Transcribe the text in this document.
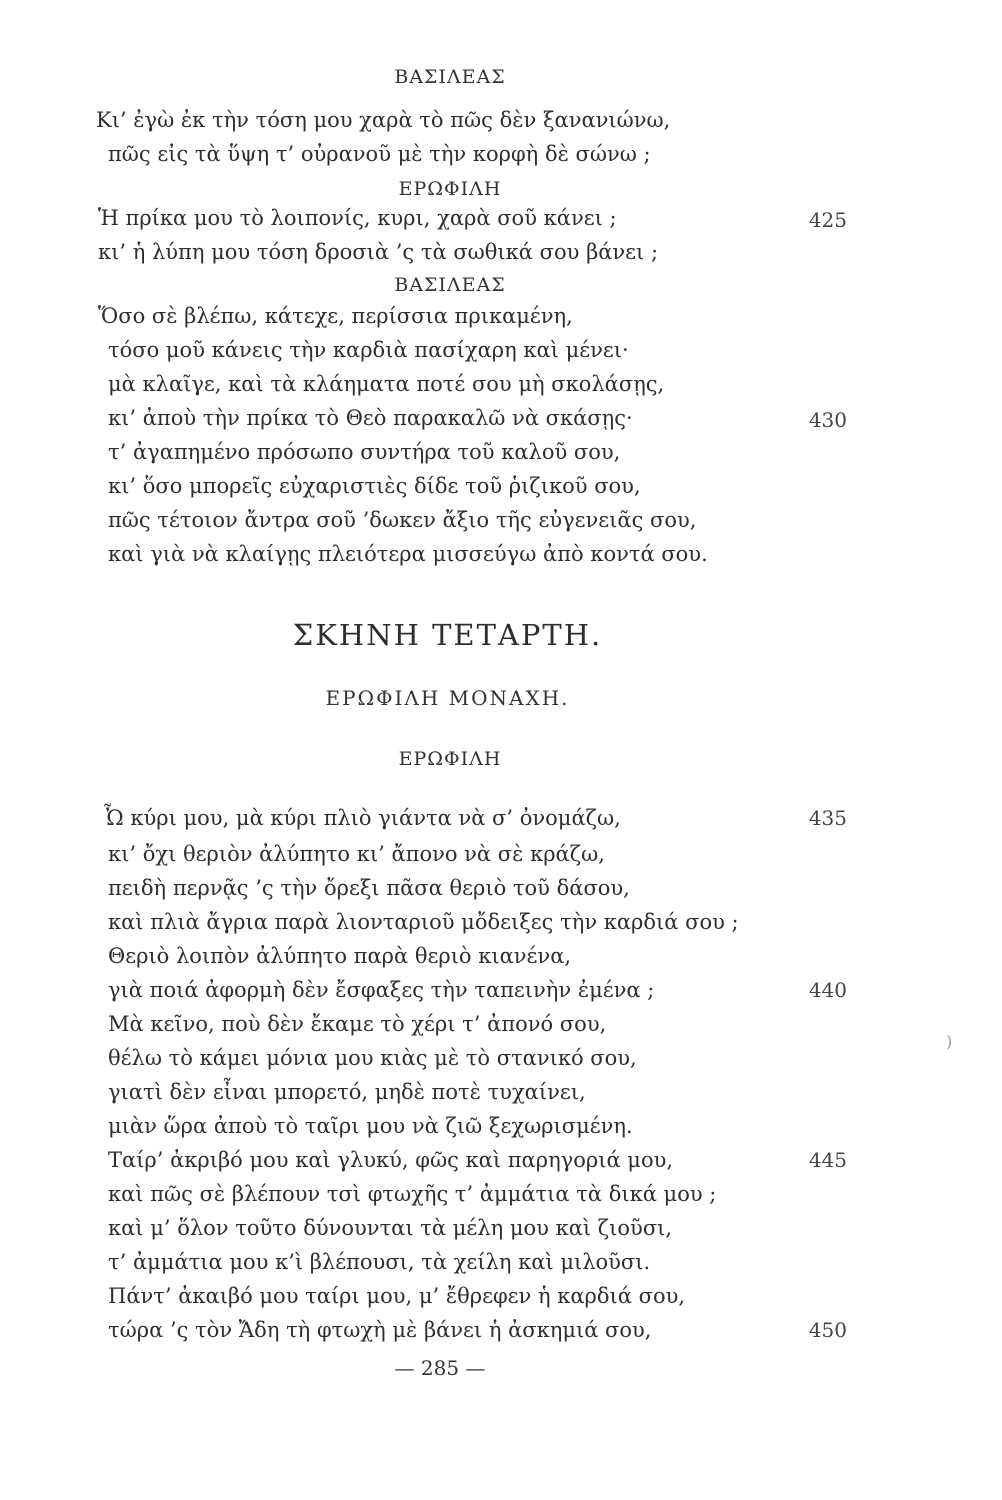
ΒΑΣΙΛΕΑΣ
Κι’ ἐγὼ ἐκ τὴν τόση μου χαρὰ τὸ πῶς δὲν ξανανιώνω,
πῶς εἰς τὰ ὕψη τ’ οὐρανοῦ μὲ τὴν κορφὴ δὲ σώνω ;
ΕΡΩΦΙΛΗ
Ἡ πρίκα μου τὸ λοιπονίς, κυρι, χαρὰ σοῦ κάνει ;	425
κι’ ἡ λύπη μου τόση δροσιὰ ’ς τὰ σωθικά σου βάνει ;
ΒΑΣΙΛΕΑΣ
Ὅσο σὲ βλέπω, κάτεχε, περίσσια πρικαμένη,
τόσο μοῦ κάνεις τὴν καρδιὰ πασίχαρη καὶ μένει·
μὰ κλαῖγε, καὶ τὰ κλάηματα ποτέ σου μὴ σκολάσῃς,
κι’ ἀποὺ τὴν πρίκα τὸ Θεὸ παρακαλῶ νὰ σκάσῃς·	430
τ’ ἀγαπημένο πρόσωπο συντήρα τοῦ καλοῦ σου,
κι’ ὅσο μπορεῖς εὐχαριστιὲς δίδε τοῦ ῥιζικοῦ σου,
πῶς τέτοιον ἄντρα σοῦ ’δωκεν ἄξιο τῆς εὐγενειᾶς σου,
καὶ γιὰ νὰ κλαίγῃς πλειότερα μισσεύγω ἀπὸ κοντά σου.
ΣΚΗΝΗ ΤΕΤΑΡΤΗ.
ΕΡΩΦΙΛΗ ΜΟΝΑΧΗ.
ΕΡΩΦΙΛΗ
Ὦ κύρι μου, μὰ κύρι πλιὸ γιάντα νὰ σ’ ὀνομάζω,	435
κι’ ὄχι θεριὸν ἀλύπητο κι’ ἄπονο νὰ σὲ κράζω,
πειδὴ περνᾷς ’ς τὴν ὄρεξι πᾶσα θεριὸ τοῦ δάσου,
καὶ πλιὰ ἄγρια παρὰ λιονταριοῦ μὄδειξες τὴν καρδιά σου ;
Θεριὸ λοιπὸν ἀλύπητο παρὰ θεριὸ κιανένα,
γιὰ ποιά ἀφορμὴ δὲν ἔσφαξες τὴν ταπεινὴν ἐμένα ;	440
Μὰ κεῖνο, ποὺ δὲν ἔκαμε τὸ χέρι τ’ ἀπονό σου,
θέλω τὸ κάμει μόνια μου κιὰς μὲ τὸ στανικό σου,
γιατὶ δὲν εἶναι μπορετό, μηδὲ ποτὲ τυχαίνει,
μιὰν ὥρα ἀποὺ τὸ ταῖρι μου νὰ ζιῶ ξεχωρισμένη.
Ταίρ’ ἀκριβό μου καὶ γλυκύ, φῶς καὶ παρηγοριά μου,	445
καὶ πῶς σὲ βλέπουν τσὶ φτωχῆς τ’ ἀμμάτια τὰ δικά μου ;
καὶ μ’ ὅλον τοῦτο δύνουνται τὰ μέλη μου καὶ ζιοῦσι,
τ’ ἀμμάτια μου κ’ὶ βλέπουσι, τὰ χείλη καὶ μιλοῦσι.
Πάντ’ ἀκαιβό μου ταίρι μου, μ’ ἔθρεφεν ἡ καρδιά σου,
τώρα ’ς τὸν Ἄδη τὴ φτωχὴ μὲ βάνει ἡ ἀσκημιά σου,	450
— 285 —
)
